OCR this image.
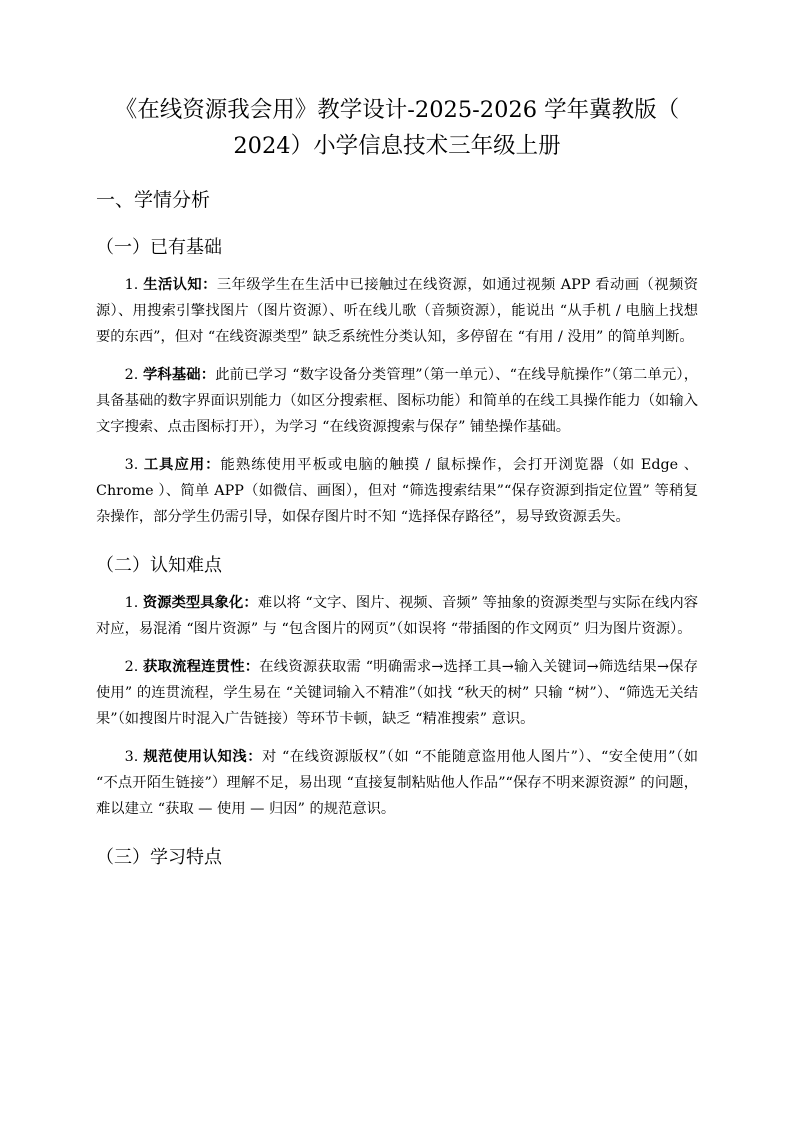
《在线资源我会用》教学设计-2025-2026 学年冀教版（
2024）小学信息技术三年级上册
一、学情分析
（一）已有基础

1. 生活认知：三年级学生在生活中已接触过在线资源，如通过视频 APP 看动画（视频资源）、用搜索引擎找图片（图片资源）、听在线儿歌（音频资源），能说出 “从手机 / 电脑上找想要的东西”，但对 “在线资源类型” 缺乏系统性分类认知，多停留在 “有用 / 没用” 的简单判断。

2. 学科基础：此前已学习 “数字设备分类管理”（第一单元）、“在线导航操作”（第二单元），具备基础的数字界面识别能力（如区分搜索框、图标功能）和简单的在线工具操作能力（如输入文字搜索、点击图标打开），为学习 “在线资源搜索与保存” 铺垫操作基础。

3. 工具应用：能熟练使用平板或电脑的触摸 / 鼠标操作，会打开浏览器（如 Edge 、Chrome ）、简单 APP（如微信、画图），但对 “筛选搜索结果”“保存资源到指定位置” 等稍复杂操作，部分学生仍需引导，如保存图片时不知 “选择保存路径”，易导致资源丢失。

（二）认知难点

1. 资源类型具象化：难以将 “文字、图片、视频、音频” 等抽象的资源类型与实际在线内容对应，易混淆 “图片资源” 与 “包含图片的网页”（如误将 “带插图的作文网页” 归为图片资源）。

2. 获取流程连贯性：在线资源获取需 “明确需求→选择工具→输入关键词→筛选结果→保存使用” 的连贯流程，学生易在 “关键词输入不精准”（如找 “秋天的树” 只输 “树”）、“筛选无关结果”（如搜图片时混入广告链接）等环节卡顿，缺乏 “精准搜索” 意识。

3. 规范使用认知浅：对 “在线资源版权”（如 “不能随意盗用他人图片”）、“安全使用”（如 “不点开陌生链接”）理解不足，易出现 “直接复制粘贴他人作品”“保存不明来源资源” 的问题，难以建立 “获取 — 使用 — 归因” 的规范意识。

（三）学习特点
